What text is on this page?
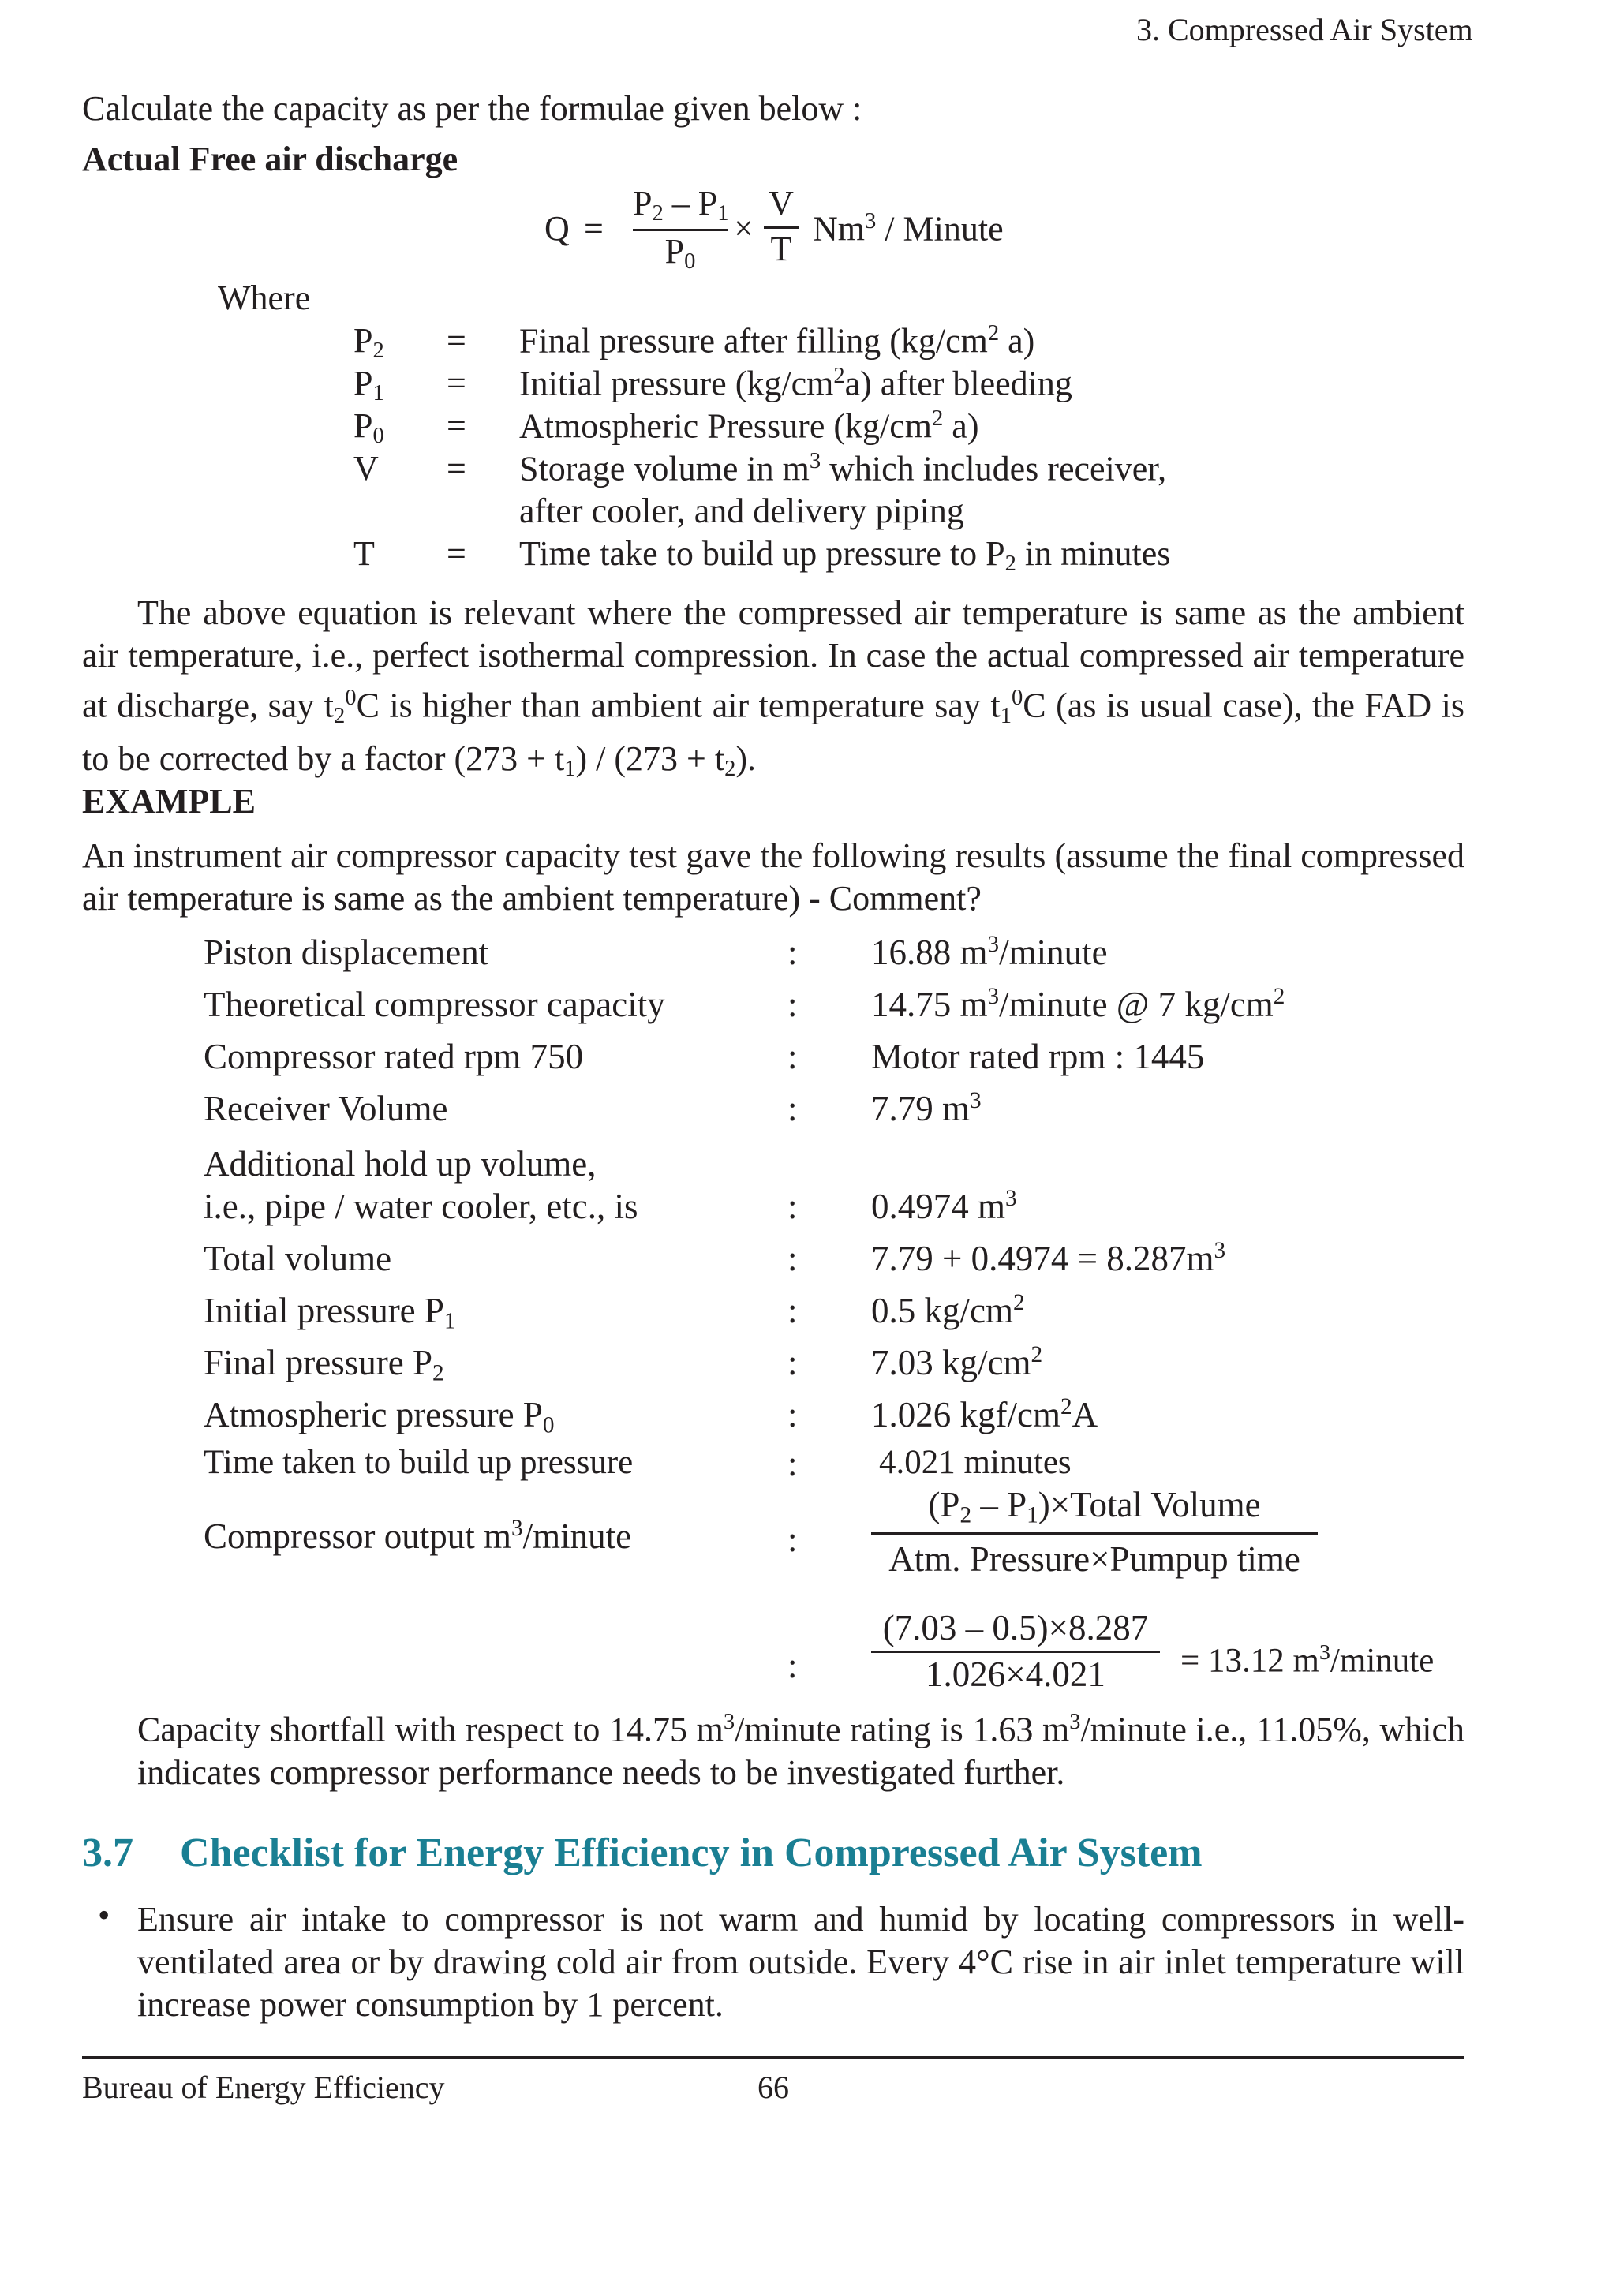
3. Compressed Air System
Calculate the capacity as per the formulae given below :
Actual Free air discharge
Q =
$P_2 - P_1$
$P_0$
×
V
T
Nm$^3$ / Minute
Where
$P_2$ = Final pressure after filling ($kg/cm^2$ a)
$P_1$ = Initial pressure $(kg/cm^2a)$ after bleeding
$P_0$ = Atmospheric Pressure ($kg/cm^2$ a)
V = Storage volume in $m^3$ which includes receiver,
after cooler, and delivery piping
T = Time take to build up pressure to $P_2$ in minutes
The above equation is relevant where the compressed air temperature is same as the ambient air temperature, i.e., perfect isothermal compression. In case the actual compressed air temperature at discharge, say $t_2^0C$ is higher than ambient air temperature say $t_1^0C$ (as is usual case), the FAD is to be corrected by a factor $(273 + t_1) / (273 + t_2)$.
EXAMPLE
An instrument air compressor capacity test gave the following results (assume the final compressed air temperature is same as the ambient temperature) - Comment?
Piston displacement	: 16.88 $m^3$/minute
Theoretical compressor capacity	: 14.75 $m^3$/minute @ 7 $kg/cm^2$
Compressor rated rpm 750	: Motor rated rpm : 1445
Receiver Volume	: 7.79 $m^3$
Additional hold up volume,
i.e., pipe / water cooler, etc., is	: 0.4974 $m^3$
Total volume	: $7.79 + 0.4974 = 8.287m^3$
Initial pressure $P_1$	: 0.5 $kg/cm^2$
Final pressure $P_2$	: 7.03 $kg/cm^2$
Atmospheric pressure $P_0$	: 1.026 kgf/$cm^2A$
Time taken to build up pressure	: 4.021 minutes
Compressor output $m^3$/minute	:
($P_2$ – $P_1)\times Total$ Volume
Atm. Pressure×Pumpup time
:
(7.03 – 0.5)×8.287
1.026×4.021	= 13.12 $m^3$/minute
Capacity shortfall with respect to 14.75 $m^3$/minute rating is 1.63 $m^3$/minute i.e., 11.05%, which indicates compressor performance needs to be investigated further.
3.7 Checklist for Energy Efficiency in Compressed Air System
• Ensure air intake to compressor is not warm and humid by locating compressors in well-ventilated area or by drawing cold air from outside. Every 4°C rise in air inlet temperature will increase power consumption by 1 percent.
Bureau of Energy Efficiency	66
